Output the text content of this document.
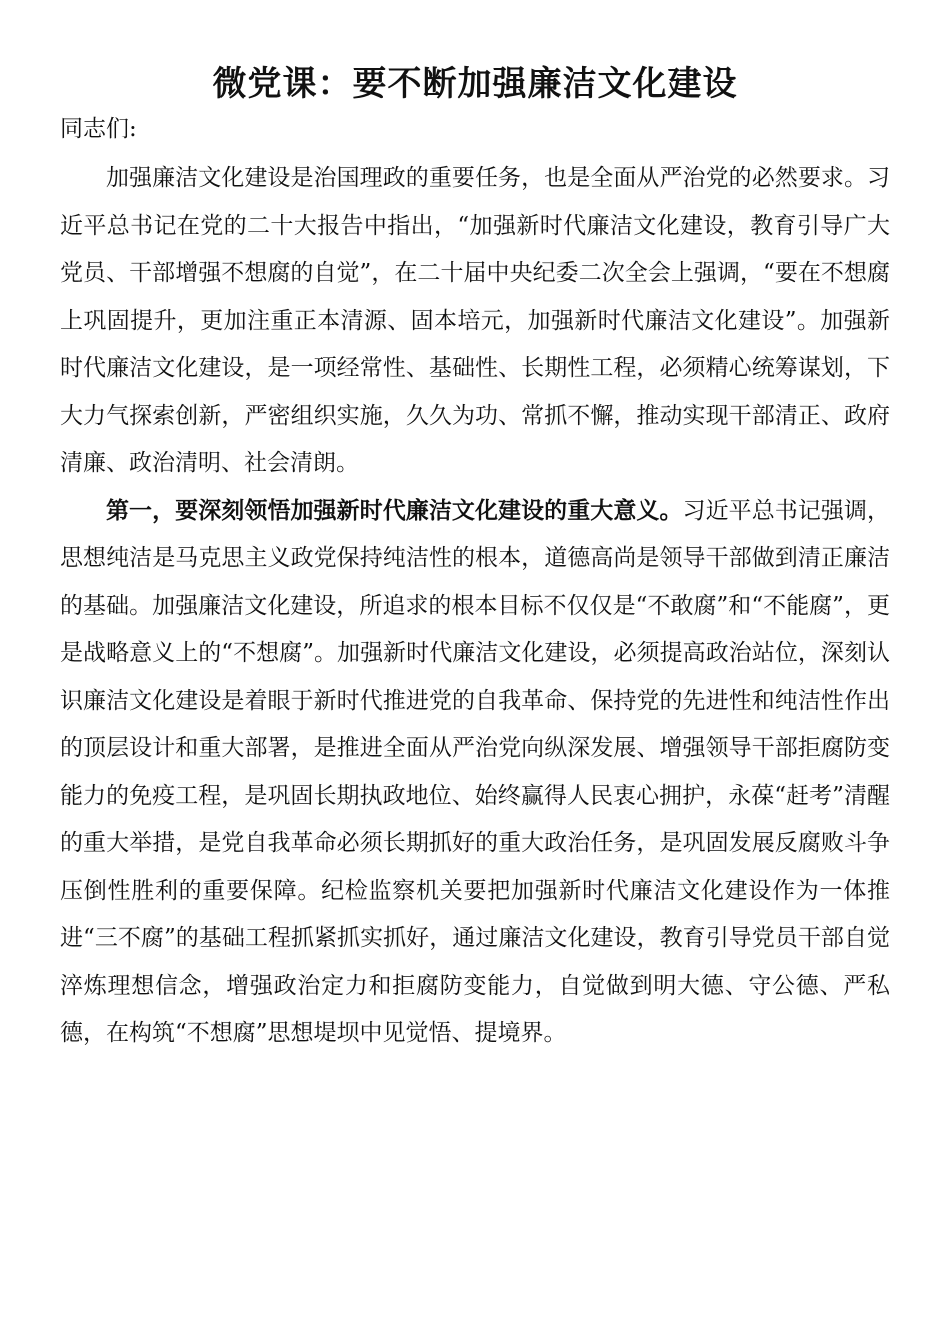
微党课：要不断加强廉洁文化建设

同志们:

加强廉洁文化建设是治国理政的重要任务，也是全面从严治党的必然要求。习近平总书记在党的二十大报告中指出，“加强新时代廉洁文化建设，教育引导广大党员、干部增强不想腐的自觉”，在二十届中央纪委二次全会上强调，“要在不想腐上巩固提升，更加注重正本清源、固本培元，加强新时代廉洁文化建设”。加强新时代廉洁文化建设，是一项经常性、基础性、长期性工程，必须精心统筹谋划，下大力气探索创新，严密组织实施，久久为功、常抓不懈，推动实现干部清正、政府清廉、政治清明、社会清朗。

第一，要深刻领悟加强新时代廉洁文化建设的重大意义。习近平总书记强调，思想纯洁是马克思主义政党保持纯洁性的根本，道德高尚是领导干部做到清正廉洁的基础。加强廉洁文化建设，所追求的根本目标不仅仅是“不敢腐”和“不能腐”，更是战略意义上的“不想腐”。加强新时代廉洁文化建设，必须提高政治站位，深刻认识廉洁文化建设是着眼于新时代推进党的自我革命、保持党的先进性和纯洁性作出的顶层设计和重大部署，是推进全面从严治党向纵深发展、增强领导干部拒腐防变能力的免疫工程，是巩固长期执政地位、始终赢得人民衷心拥护，永葆“赶考”清醒的重大举措，是党自我革命必须长期抓好的重大政治任务，是巩固发展反腐败斗争压倒性胜利的重要保障。纪检监察机关要把加强新时代廉洁文化建设作为一体推进“三不腐”的基础工程抓紧抓实抓好，通过廉洁文化建设，教育引导党员干部自觉淬炼理想信念，增强政治定力和拒腐防变能力，自觉做到明大德、守公德、严私德，在构筑“不想腐”思想堤坝中见觉悟、提境界。
